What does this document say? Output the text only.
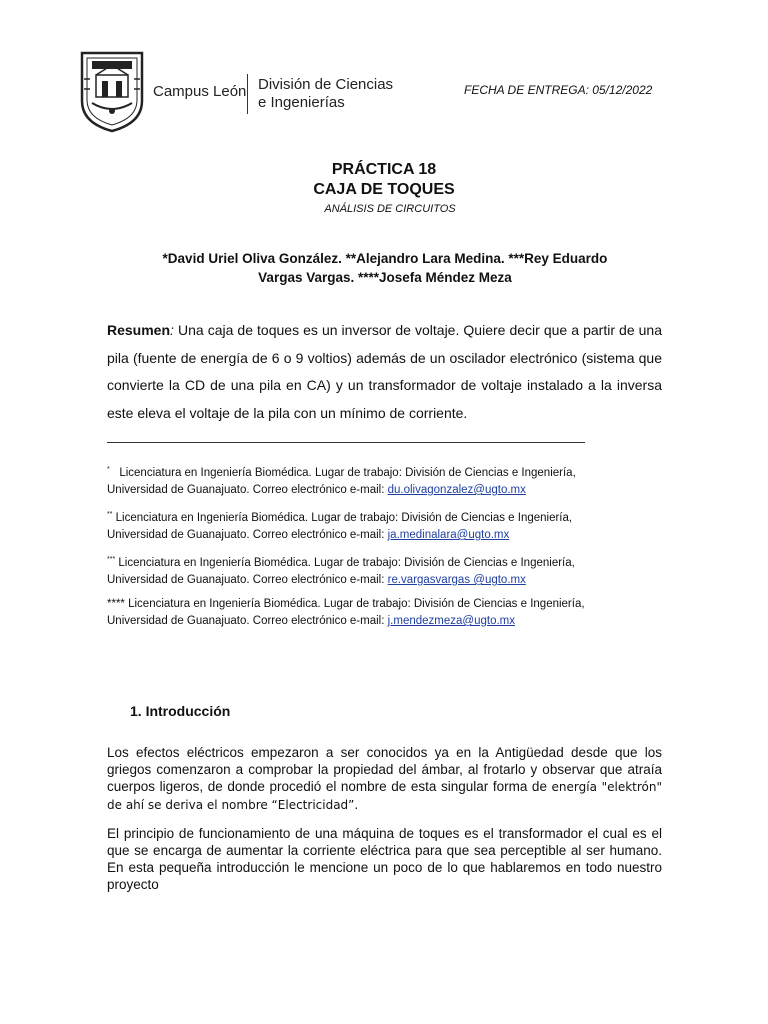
Campus León División de Ciencias
e Ingenierías
FECHA DE ENTREGA: 05/12/2022
PRÁCTICA 18
CAJA DE TOQUES
ANÁLISIS DE CIRCUITOS
*David Uriel Oliva González. **Alejandro Lara Medina. ***Rey Eduardo
Vargas Vargas. ****Josefa Méndez Meza
Resumen: Una caja de toques es un inversor de voltaje. Quiere decir que a partir de una pila (fuente de energía de 6 o 9 voltios) además de un oscilador electrónico (sistema que convierte la CD de una pila en CA) y un transformador de voltaje instalado a la inversa este eleva el voltaje de la pila con un mínimo de corriente.
* Licenciatura en Ingeniería Biomédica. Lugar de trabajo: División de Ciencias e Ingeniería,
Universidad de Guanajuato. Correo electrónico e-mail: du.olivagonzalez@ugto.mx
** Licenciatura en Ingeniería Biomédica. Lugar de trabajo: División de Ciencias e Ingeniería,
Universidad de Guanajuato. Correo electrónico e-mail: ja.medinalara@ugto.mx
*** Licenciatura en Ingeniería Biomédica. Lugar de trabajo: División de Ciencias e Ingeniería,
Universidad de Guanajuato. Correo electrónico e-mail: re.vargasvargas @ugto.mx
**** Licenciatura en Ingeniería Biomédica. Lugar de trabajo: División de Ciencias e Ingeniería,
Universidad de Guanajuato. Correo electrónico e-mail: j.mendezmeza@ugto.mx
1. Introducción
Los efectos eléctricos empezaron a ser conocidos ya en la Antigüedad desde que los griegos comenzaron a comprobar la propiedad del ámbar, al frotarlo y observar que atraía cuerpos ligeros, de donde procedió el nombre de esta singular forma de energía "elektrón" de ahí se deriva el nombre “Electricidad”.
El principio de funcionamiento de una máquina de toques es el transformador el cual es el que se encarga de aumentar la corriente eléctrica para que sea perceptible al ser humano. En esta pequeña introducción le mencione un poco de lo que hablaremos en todo nuestro proyecto
